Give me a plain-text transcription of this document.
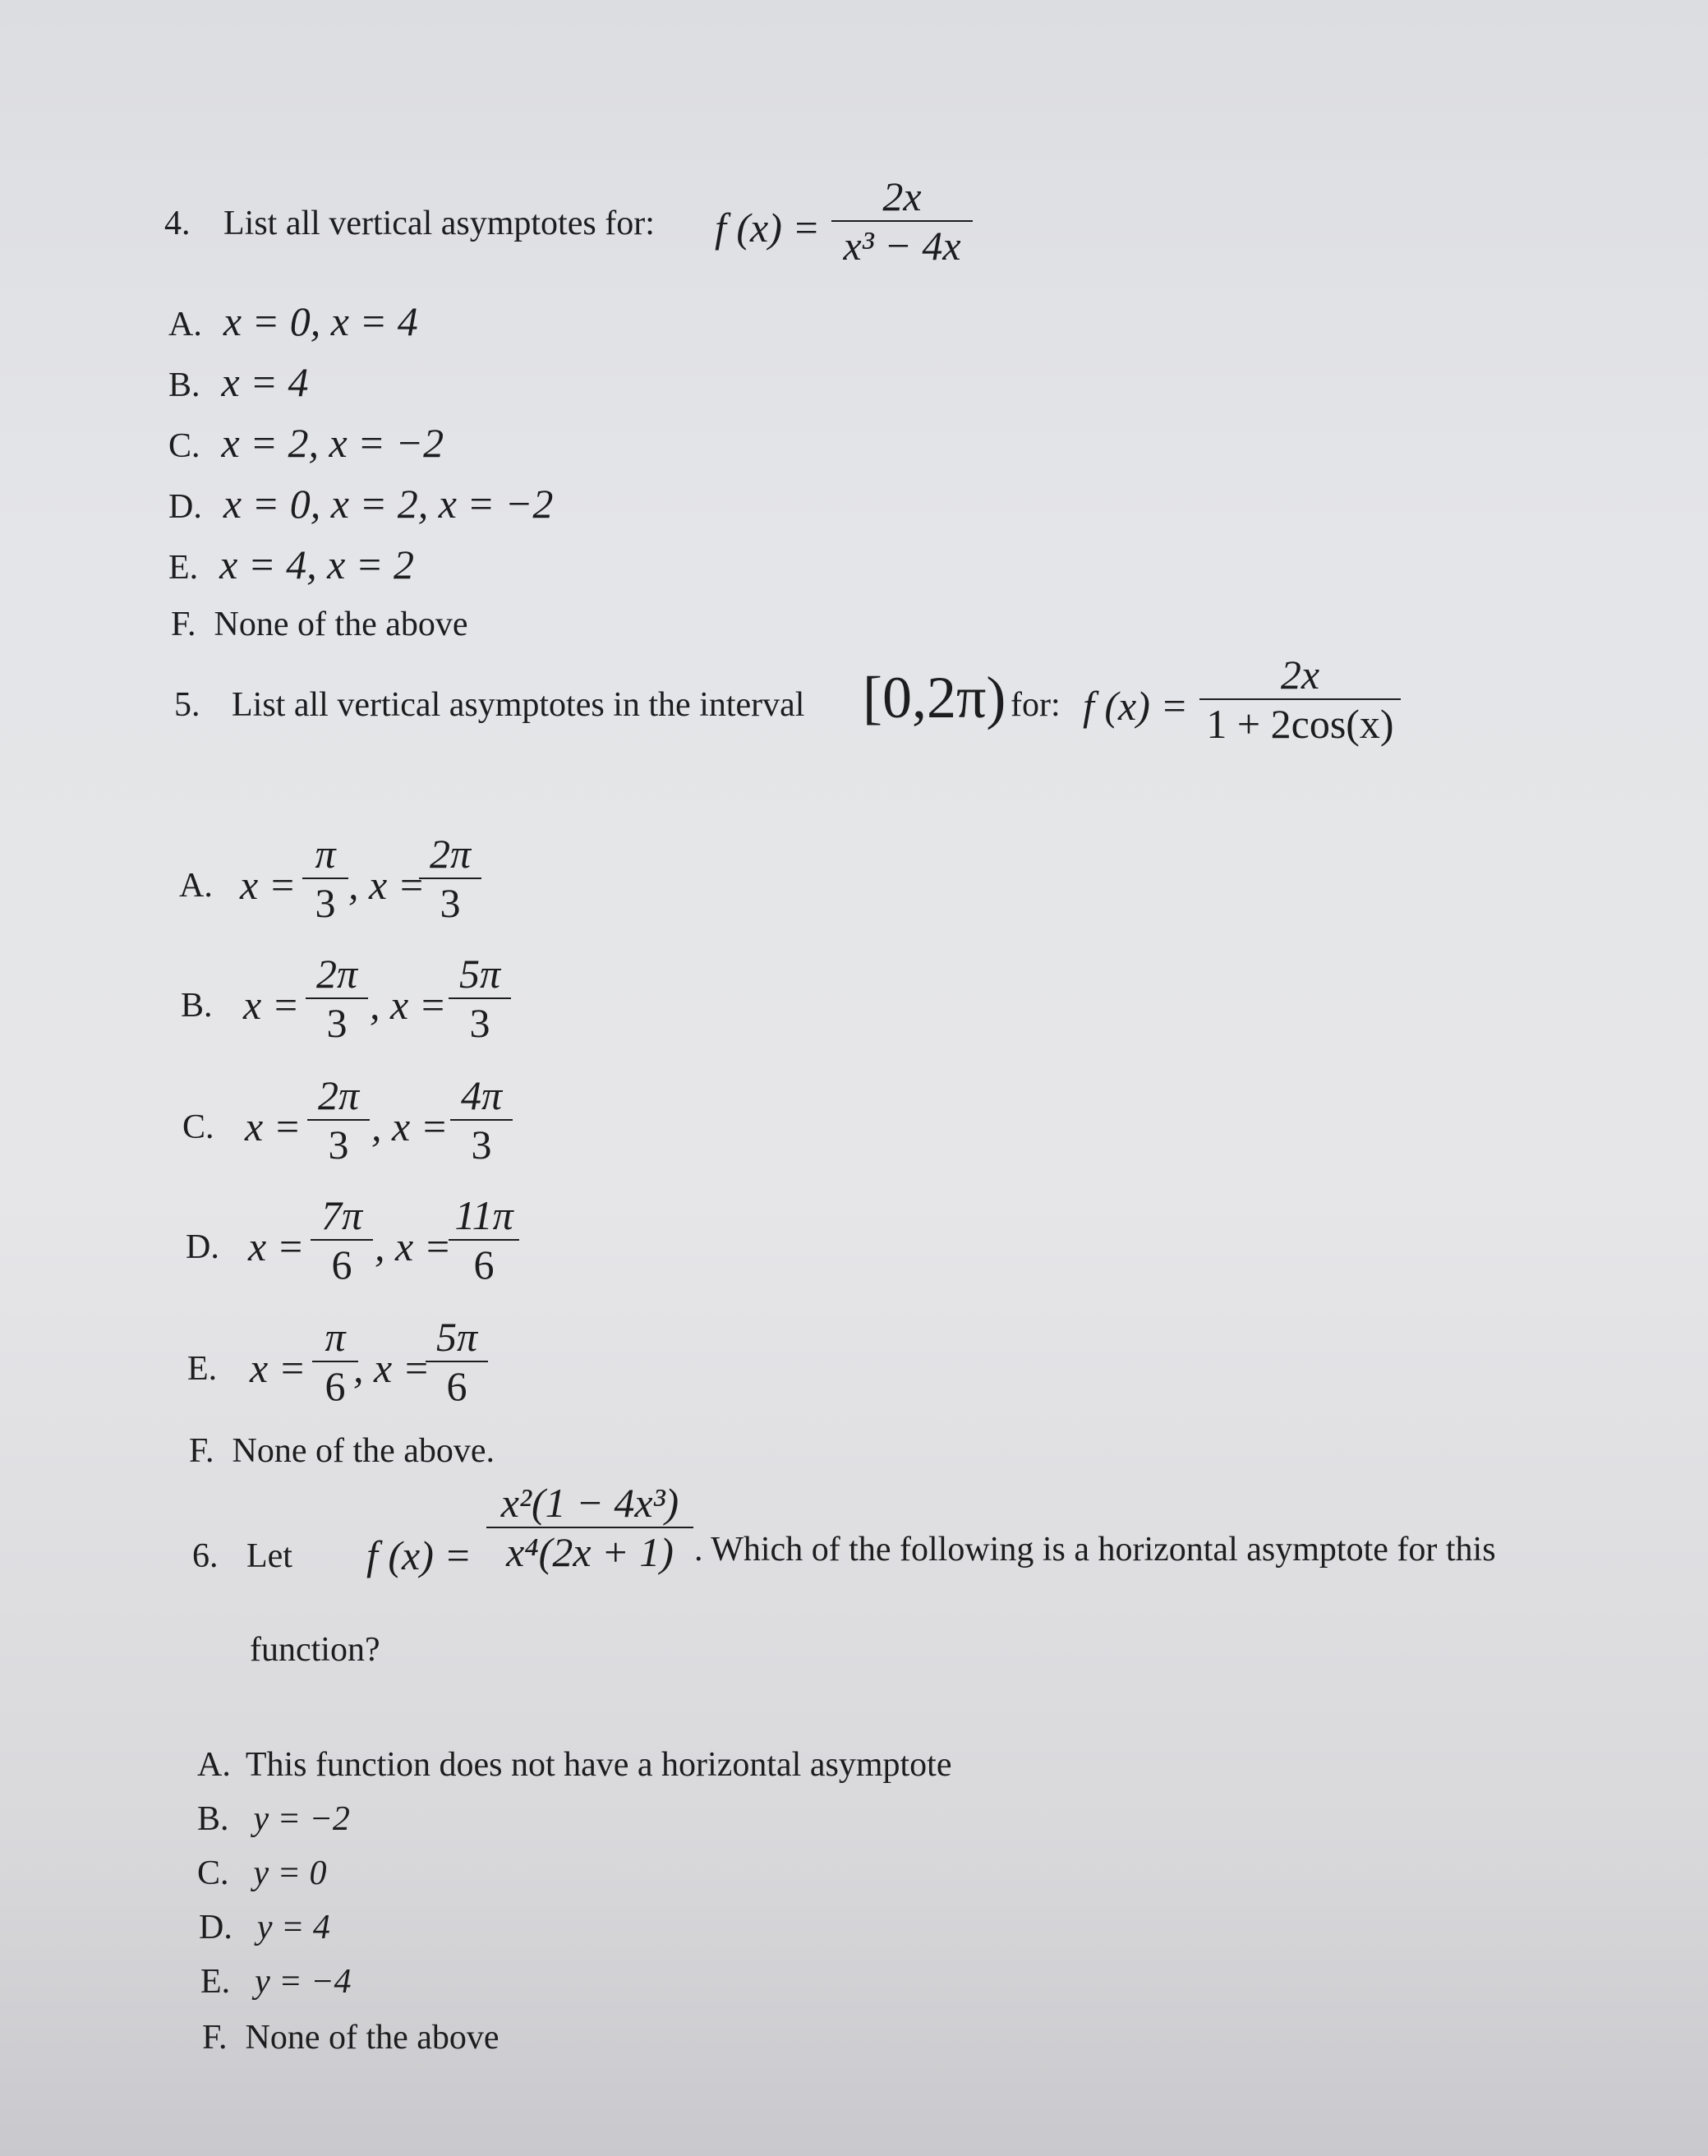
4. List all vertical asymptotes for: f (x) =
2x
x³ − 4x
A. x = 0, x = 4
B. x = 4
C. x = 2, x = −2
D. x = 0, x = 2, x = −2
E. x = 4, x = 2
F. None of the above
5. List all vertical asymptotes in the interval [0,2π) for: f (x) =
2x
1 + 2cos(x)
A. x =
π
3 , x =
2π
3
B. x =
2π
3 , x =
5π
3
C. x =
2π
3 , x =
4π
3
D. x =
7π
6 , x =
11π
6
E. x =
π
6 , x =
5π
6
F. None of the above.
6. Let f (x) =
x²(1 − 4x³)
x⁴(2x + 1) . Which of the following is a horizontal asymptote for this
function?
A. This function does not have a horizontal asymptote
B. y = −2
C. y = 0
D. y = 4
E. y = −4
F. None of the above
